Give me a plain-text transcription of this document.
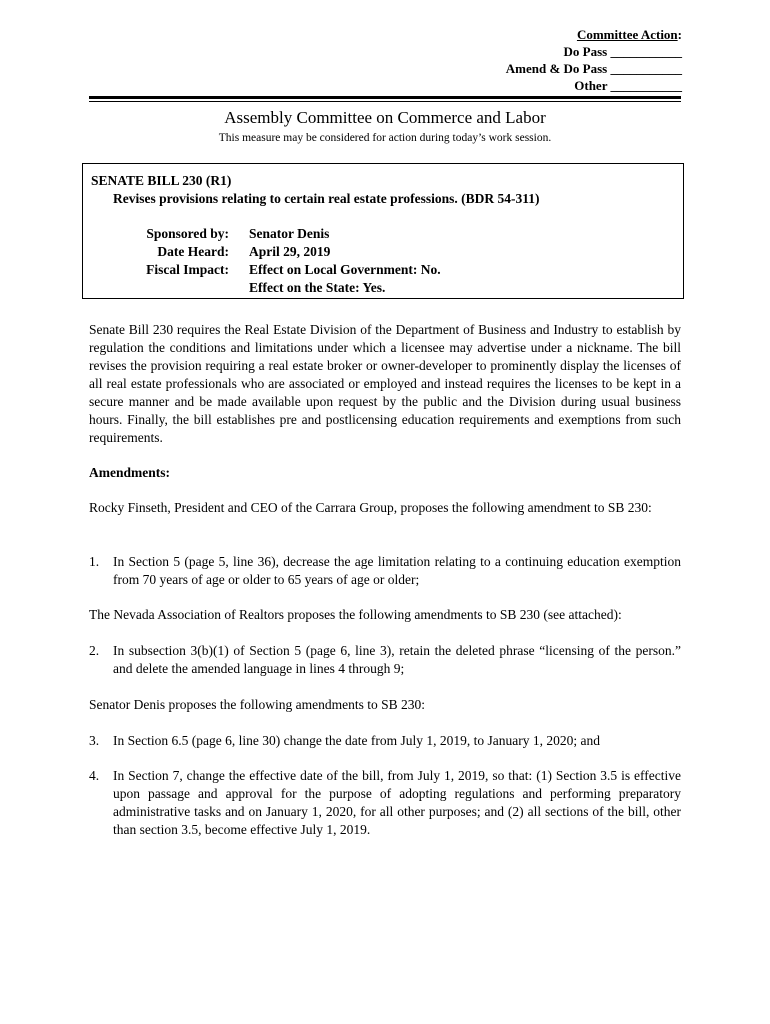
Committee Action:
Do Pass ___________
Amend & Do Pass ___________
Other ___________
Assembly Committee on Commerce and Labor
This measure may be considered for action during today’s work session.
SENATE BILL 230 (R1)
Revises provisions relating to certain real estate professions. (BDR 54-311)
Sponsored by: Senator Denis
Date Heard: April 29, 2019
Fiscal Impact: Effect on Local Government: No.
Effect on the State: Yes.
Senate Bill 230 requires the Real Estate Division of the Department of Business and Industry to establish by regulation the conditions and limitations under which a licensee may advertise under a nickname. The bill revises the provision requiring a real estate broker or owner-developer to prominently display the licenses of all real estate professionals who are associated or employed and instead requires the licenses to be kept in a secure manner and be made available upon request by the public and the Division during usual business hours. Finally, the bill establishes pre and postlicensing education requirements and exemptions from such requirements.
Amendments:
Rocky Finseth, President and CEO of the Carrara Group, proposes the following amendment to SB 230:
1. In Section 5 (page 5, line 36), decrease the age limitation relating to a continuing education exemption from 70 years of age or older to 65 years of age or older;
The Nevada Association of Realtors proposes the following amendments to SB 230 (see attached):
2. In subsection 3(b)(1) of Section 5 (page 6, line 3), retain the deleted phrase “licensing of the person.” and delete the amended language in lines 4 through 9;
Senator Denis proposes the following amendments to SB 230:
3. In Section 6.5 (page 6, line 30) change the date from July 1, 2019, to January 1, 2020; and
4. In Section 7, change the effective date of the bill, from July 1, 2019, so that: (1) Section 3.5 is effective upon passage and approval for the purpose of adopting regulations and performing preparatory administrative tasks and on January 1, 2020, for all other purposes; and (2) all sections of the bill, other than section 3.5, become effective July 1, 2019.
